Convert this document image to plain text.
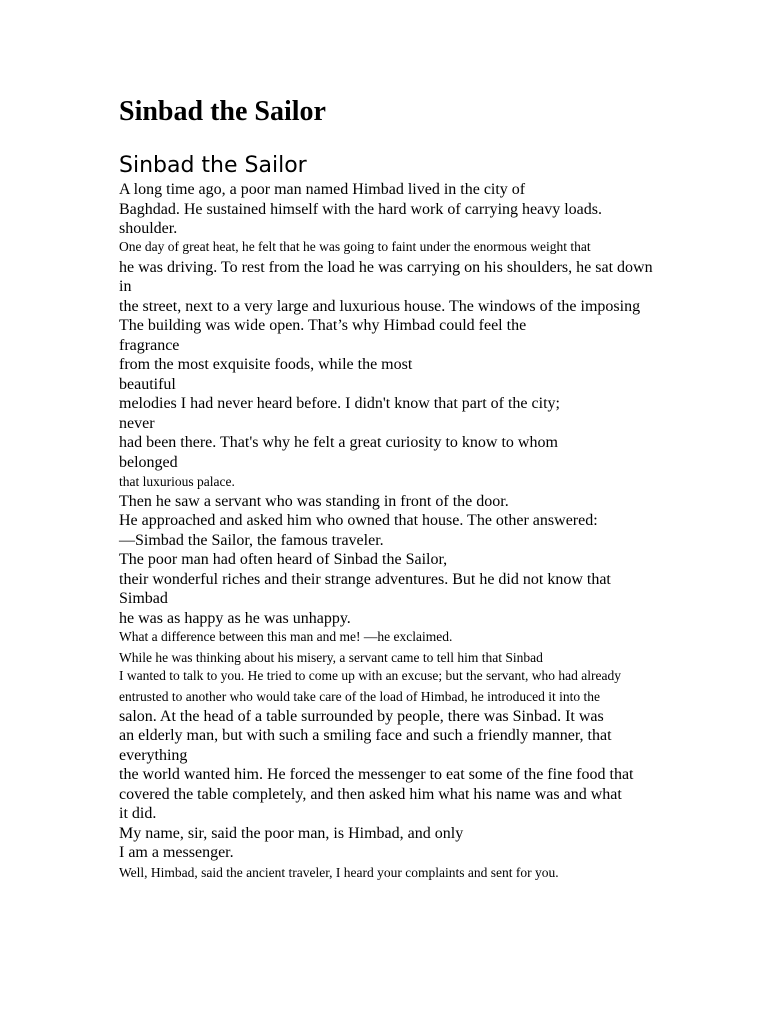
Sinbad the Sailor
Sinbad the Sailor

A long time ago, a poor man named Himbad lived in the city of

Baghdad. He sustained himself with the hard work of carrying heavy loads.

shoulder.

One day of great heat, he felt that he was going to faint under the enormous weight that

he was driving. To rest from the load he was carrying on his shoulders, he sat down

in

the street, next to a very large and luxurious house. The windows of the imposing

The building was wide open. That’s why Himbad could feel the

fragrance

from the most exquisite foods, while the most

beautiful

melodies I had never heard before. I didn't know that part of the city;

never

had been there. That's why he felt a great curiosity to know to whom

belonged

that luxurious palace.

Then he saw a servant who was standing in front of the door.

He approached and asked him who owned that house. The other answered:

—Simbad the Sailor, the famous traveler.

The poor man had often heard of Sinbad the Sailor,

their wonderful riches and their strange adventures. But he did not know that

Simbad

he was as happy as he was unhappy.

What a difference between this man and me! —he exclaimed.

While he was thinking about his misery, a servant came to tell him that Sinbad

I wanted to talk to you. He tried to come up with an excuse; but the servant, who had already

entrusted to another who would take care of the load of Himbad, he introduced it into the

salon. At the head of a table surrounded by people, there was Sinbad. It was

an elderly man, but with such a smiling face and such a friendly manner, that

everything

the world wanted him. He forced the messenger to eat some of the fine food that

covered the table completely, and then asked him what his name was and what

it did.

My name, sir, said the poor man, is Himbad, and only

I am a messenger.

Well, Himbad, said the ancient traveler, I heard your complaints and sent for you.
